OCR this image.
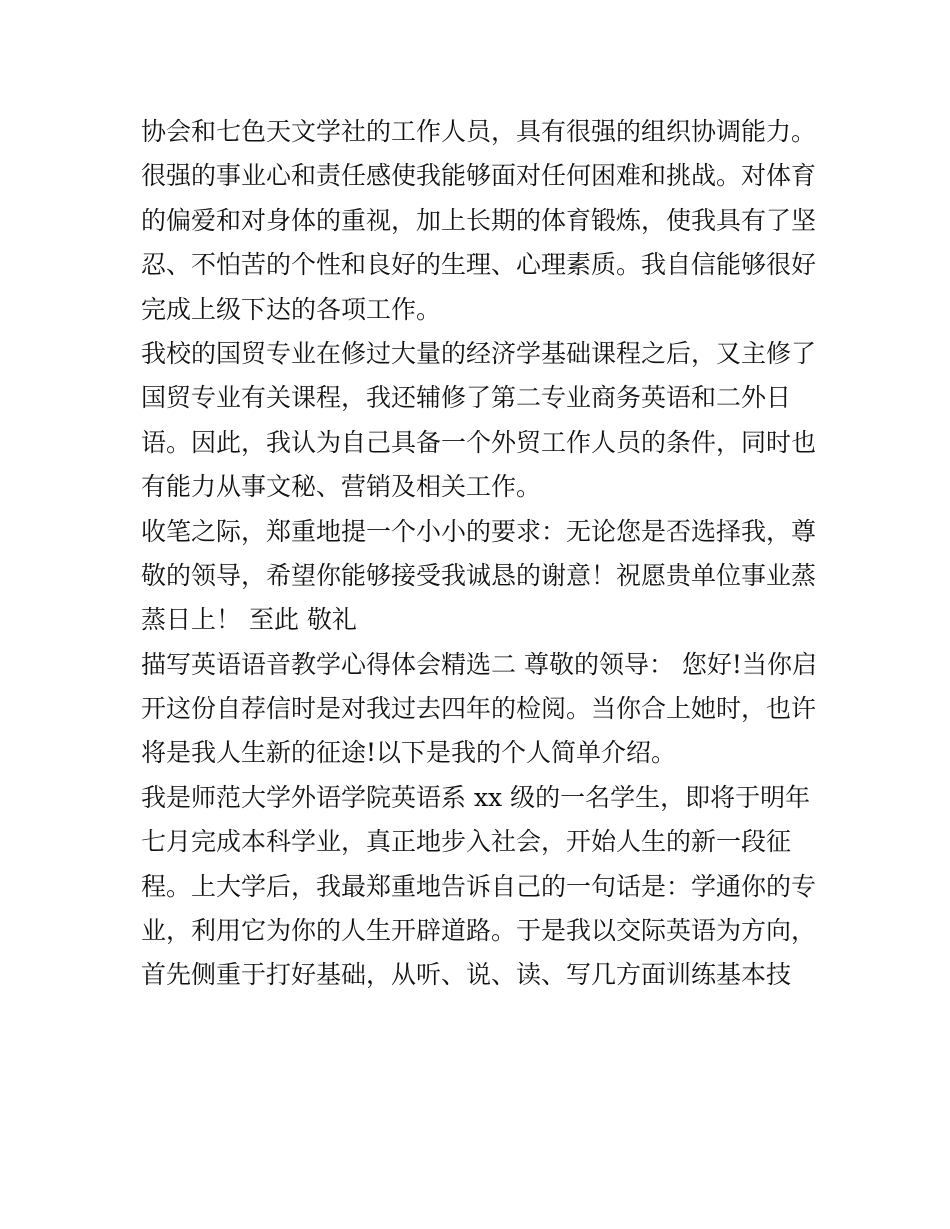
协会和七色天文学社的工作人员，具有很强的组织协调能力。
很强的事业心和责任感使我能够面对任何困难和挑战。对体育
的偏爱和对身体的重视，加上长期的体育锻炼，使我具有了坚
忍、不怕苦的个性和良好的生理、心理素质。我自信能够很好
完成上级下达的各项工作。
我校的国贸专业在修过大量的经济学基础课程之后，又主修了
国贸专业有关课程，我还辅修了第二专业商务英语和二外日
语。因此，我认为自己具备一个外贸工作人员的条件，同时也
有能力从事文秘、营销及相关工作。
收笔之际，郑重地提一个小小的要求：无论您是否选择我，尊
敬的领导，希望你能够接受我诚恳的谢意！祝愿贵单位事业蒸
蒸日上！ 至此 敬礼
描写英语语音教学心得体会精选二 尊敬的领导： 您好!当你启
开这份自荐信时是对我过去四年的检阅。当你合上她时，也许
将是我人生新的征途!以下是我的个人简单介绍。
我是师范大学外语学院英语系 xx 级的一名学生，即将于明年
七月完成本科学业，真正地步入社会，开始人生的新一段征
程。上大学后，我最郑重地告诉自己的一句话是：学通你的专
业，利用它为你的人生开辟道路。于是我以交际英语为方向，
首先侧重于打好基础，从听、说、读、写几方面训练基本技
